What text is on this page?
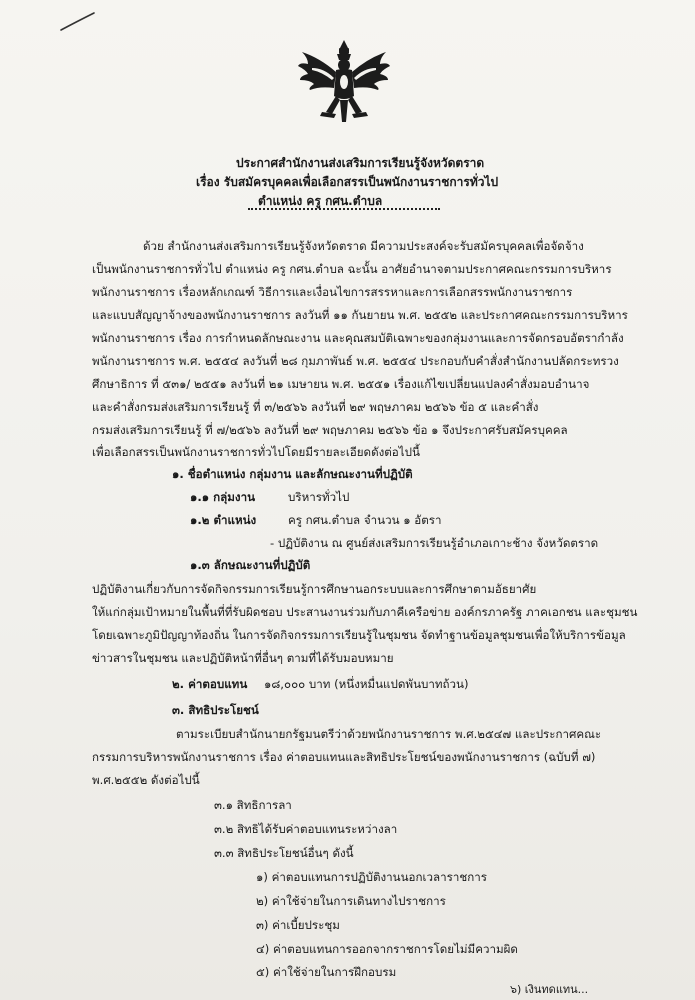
ประกาศสำนักงานส่งเสริมการเรียนรู้จังหวัดตราด
เรื่อง รับสมัครบุคคลเพื่อเลือกสรรเป็นพนักงานราชการทั่วไป
ตำแหน่ง ครู กศน.ตำบล
ด้วย สำนักงานส่งเสริมการเรียนรู้จังหวัดตราด มีความประสงค์จะรับสมัครบุคคลเพื่อจัดจ้าง
เป็นพนักงานราชการทั่วไป ตำแหน่ง ครู กศน.ตำบล ฉะนั้น อาศัยอำนาจตามประกาศคณะกรรมการบริหาร
พนักงานราชการ เรื่องหลักเกณฑ์ วิธีการและเงื่อนไขการสรรหาและการเลือกสรรพนักงานราชการ
และแบบสัญญาจ้างของพนักงานราชการ ลงวันที่ ๑๑ กันยายน พ.ศ. ๒๕๕๒ และประกาศคณะกรรมการบริหาร
พนักงานราชการ เรื่อง การกำหนดลักษณะงาน และคุณสมบัติเฉพาะของกลุ่มงานและการจัดกรอบอัตรากำลัง
พนักงานราชการ พ.ศ. ๒๕๕๔ ลงวันที่ ๒๘ กุมภาพันธ์ พ.ศ. ๒๕๕๔ ประกอบกับคำสั่งสำนักงานปลัดกระทรวง
ศึกษาธิการ ที่ ๕๓๑/ ๒๕๕๑ ลงวันที่ ๒๑ เมษายน พ.ศ. ๒๕๕๑ เรื่องแก้ไขเปลี่ยนแปลงคำสั่งมอบอำนาจ
และคำสั่งกรมส่งเสริมการเรียนรู้ ที่ ๓/๒๕๖๖ ลงวันที่ ๒๙ พฤษภาคม ๒๕๖๖ ข้อ ๕ และคำสั่ง
กรมส่งเสริมการเรียนรู้ ที่ ๗/๒๕๖๖ ลงวันที่ ๒๙ พฤษภาคม ๒๕๖๖ ข้อ ๑ จึงประกาศรับสมัครบุคคล
เพื่อเลือกสรรเป็นพนักงานราชการทั่วไปโดยมีรายละเอียดดังต่อไปนี้
๑. ชื่อตำแหน่ง กลุ่มงาน และลักษณะงานที่ปฏิบัติ
๑.๑ กลุ่มงาน	บริหารทั่วไป
๑.๒ ตำแหน่ง	ครู กศน.ตำบล จำนวน ๑ อัตรา
- ปฏิบัติงาน ณ ศูนย์ส่งเสริมการเรียนรู้อำเภอเกาะช้าง จังหวัดตราด
๑.๓ ลักษณะงานที่ปฏิบัติ
ปฏิบัติงานเกี่ยวกับการจัดกิจกรรมการเรียนรู้การศึกษานอกระบบและการศึกษาตามอัธยาศัย
ให้แก่กลุ่มเป้าหมายในพื้นที่ที่รับผิดชอบ ประสานงานร่วมกับภาคีเครือข่าย องค์กรภาครัฐ ภาคเอกชน และชุมชน
โดยเฉพาะภูมิปัญญาท้องถิ่น ในการจัดกิจกรรมการเรียนรู้ในชุมชน จัดทำฐานข้อมูลชุมชนเพื่อให้บริการข้อมูล
ข่าวสารในชุมชน และปฏิบัติหน้าที่อื่นๆ ตามที่ได้รับมอบหมาย
๒. ค่าตอบแทน ๑๘,๐๐๐ บาท (หนึ่งหมื่นแปดพันบาทถ้วน)
๓. สิทธิประโยชน์
ตามระเบียบสำนักนายกรัฐมนตรีว่าด้วยพนักงานราชการ พ.ศ.๒๕๔๗ และประกาศคณะ
กรรมการบริหารพนักงานราชการ เรื่อง ค่าตอบแทนและสิทธิประโยชน์ของพนักงานราชการ (ฉบับที่ ๗)
พ.ศ.๒๕๕๒ ดังต่อไปนี้
๓.๑ สิทธิการลา
๓.๒ สิทธิได้รับค่าตอบแทนระหว่างลา
๓.๓ สิทธิประโยชน์อื่นๆ ดังนี้
๑) ค่าตอบแทนการปฏิบัติงานนอกเวลาราชการ
๒) ค่าใช้จ่ายในการเดินทางไปราชการ
๓) ค่าเบี้ยประชุม
๔) ค่าตอบแทนการออกจากราชการโดยไม่มีความผิด
๕) ค่าใช้จ่ายในการฝึกอบรม
๖) เงินทดแทน...
